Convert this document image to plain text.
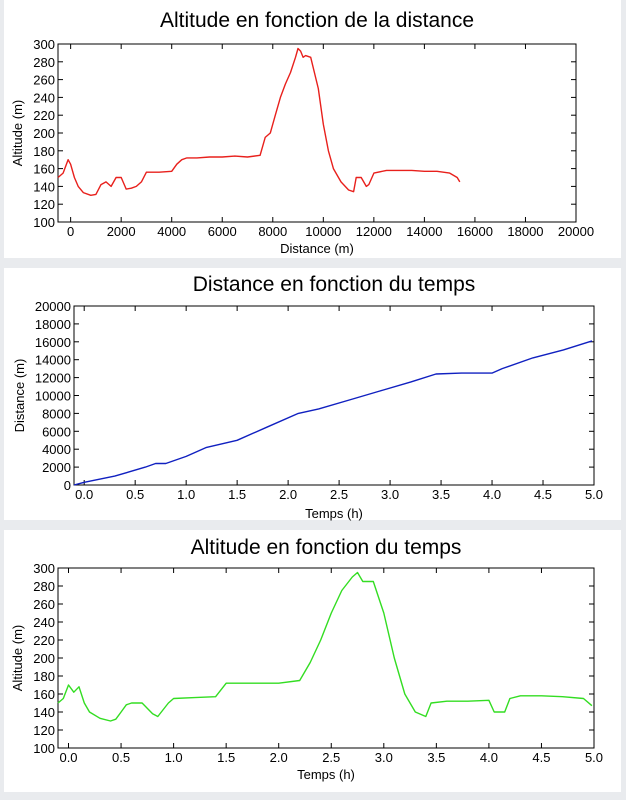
Altitude en fonction de la distance
0 2000 4000 6000 8000 10000 12000 14000 16000 18000 20000
100
120
140
160
180
200
220
240
260
280
300
Distance (m)
Altitude (m)
Distance en fonction du temps
0.0	0.5	1.0	1.5	2.0	2.5	3.0	3.5	4.0	4.5	5.0
0
2000
4000
6000
8000
10000
12000
14000
16000
18000
20000
Temps (h)
Distance (m)
Altitude en fonction du temps
0.0	0.5	1.0	1.5	2.0	2.5	3.0	3.5	4.0	4.5	5.0
100
120
140
160
180
200
220
240
260
280
300
Temps (h)
Altitude (m)
